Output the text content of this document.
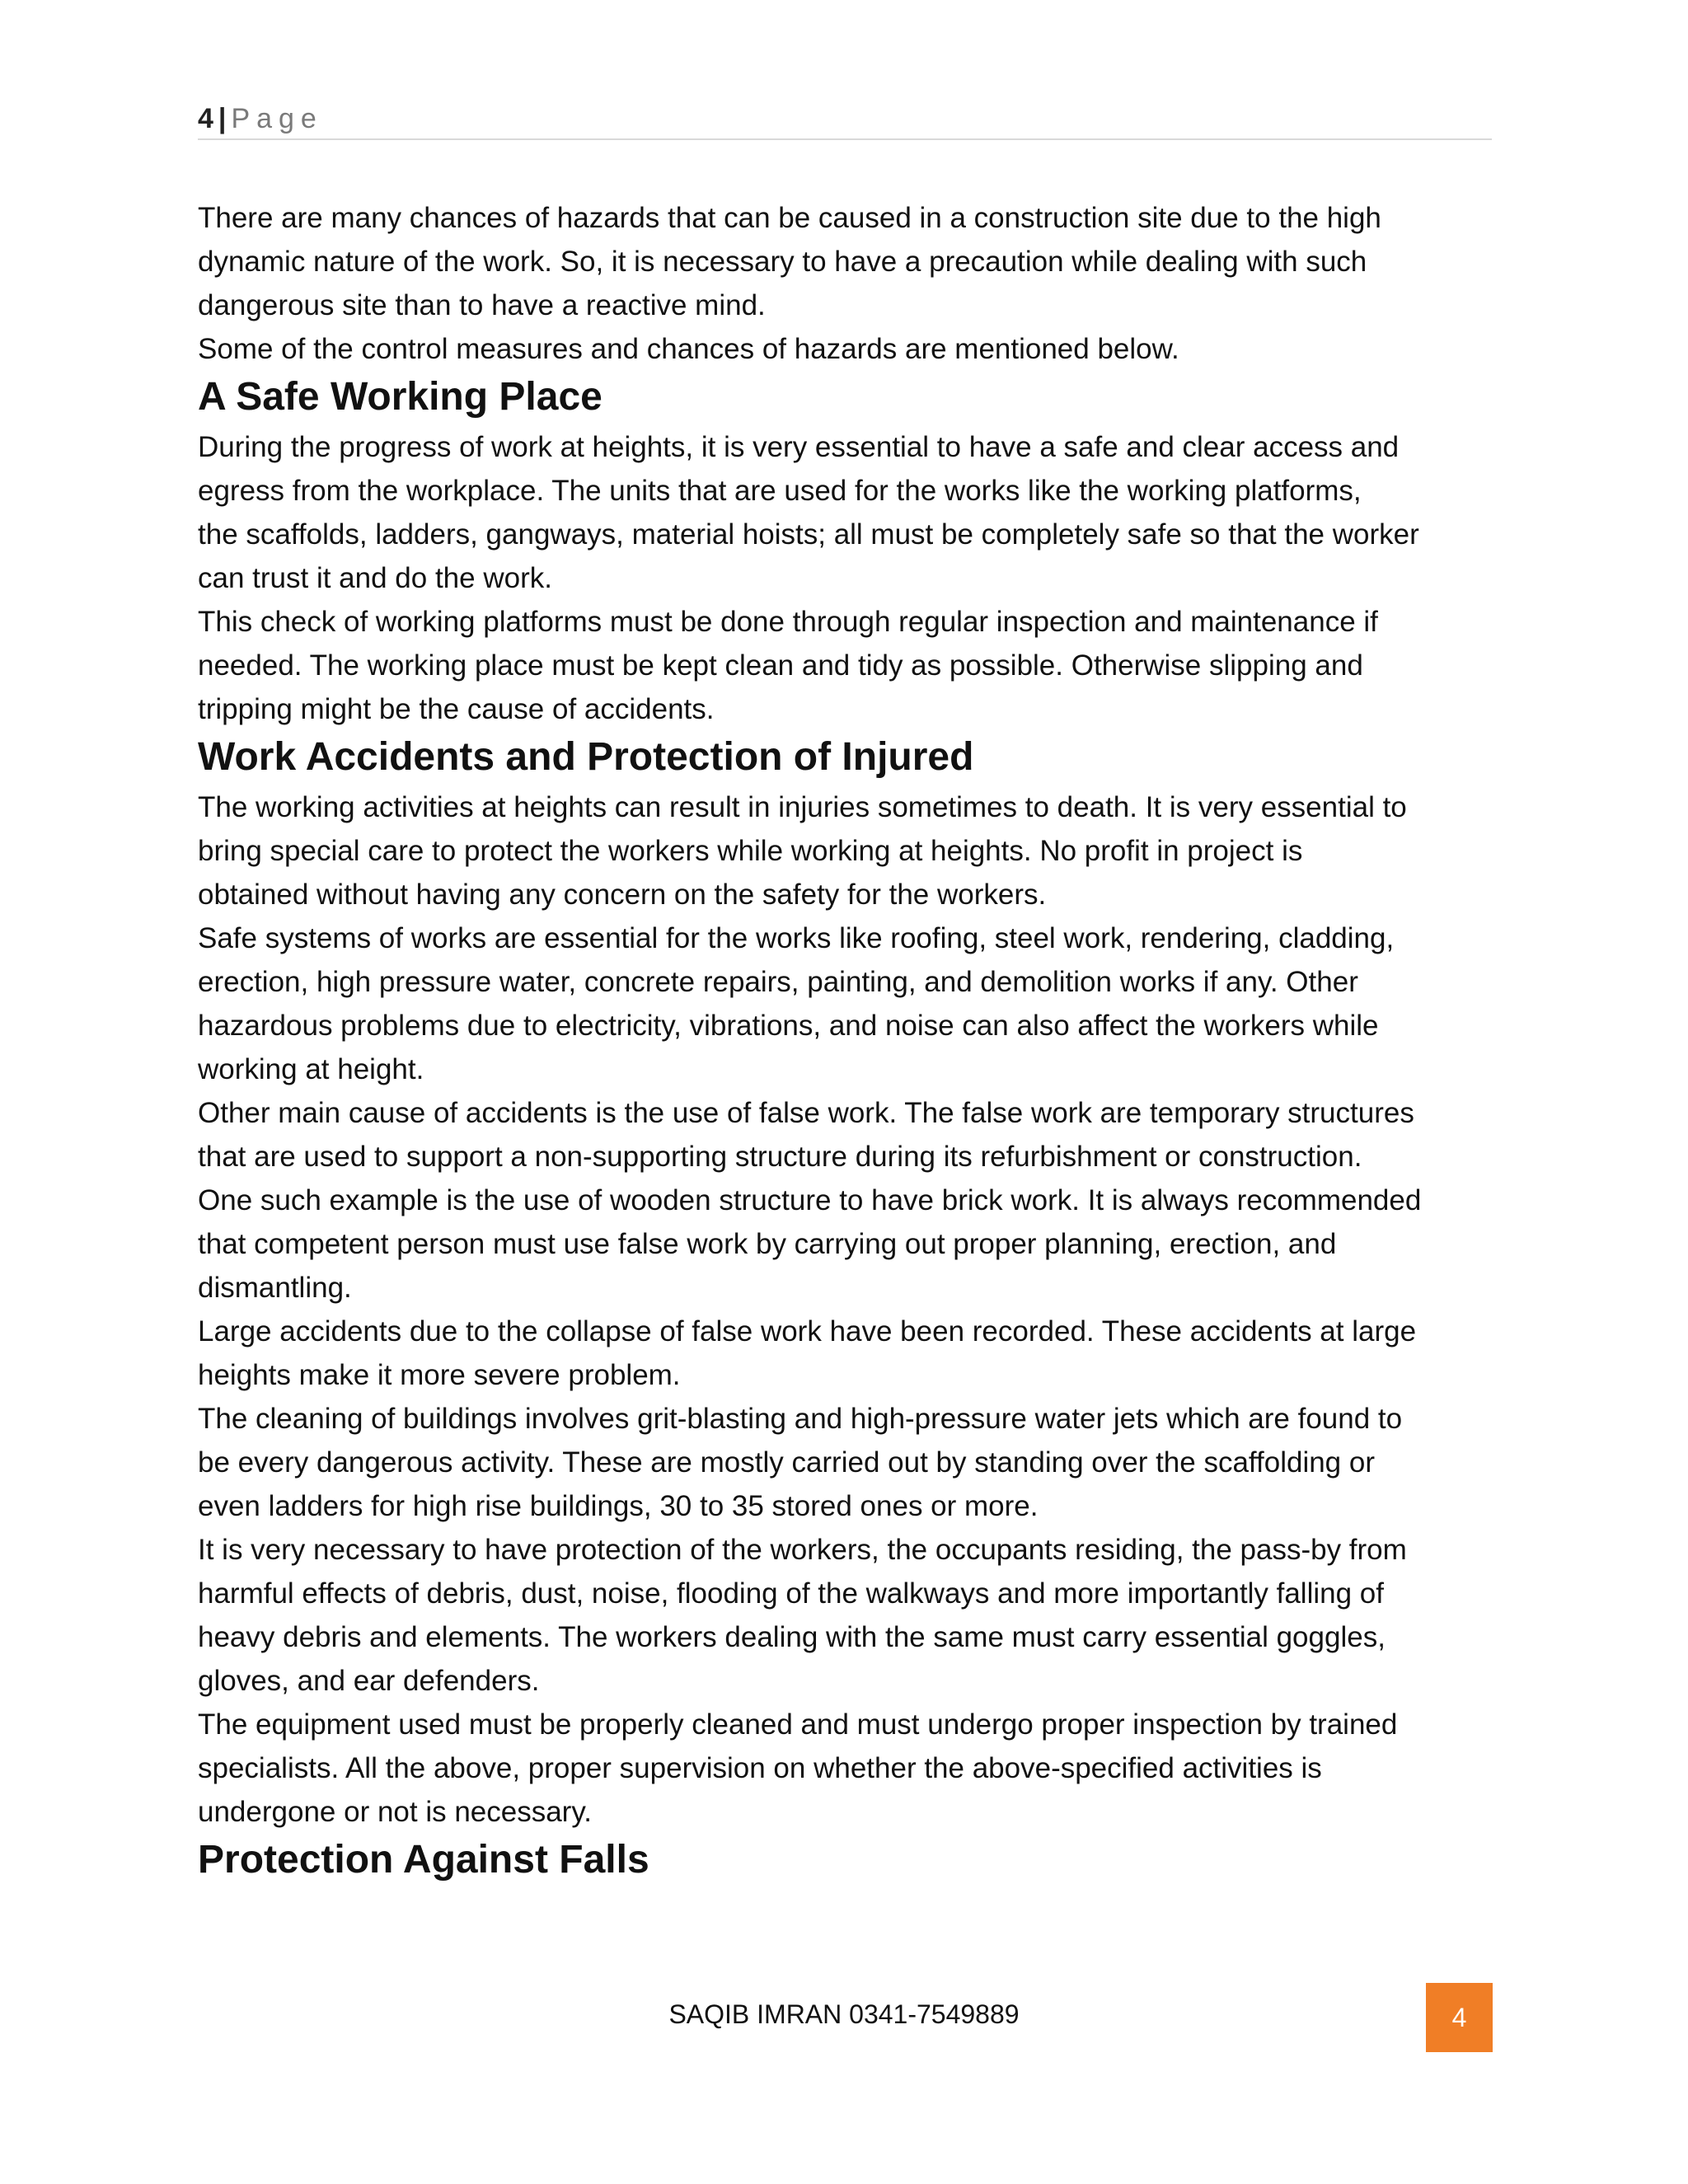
4 | Page
There are many chances of hazards that can be caused in a construction site due to the high
dynamic nature of the work. So, it is necessary to have a precaution while dealing with such
dangerous site than to have a reactive mind.
Some of the control measures and chances of hazards are mentioned below.
A Safe Working Place
During the progress of work at heights, it is very essential to have a safe and clear access and
egress from the workplace. The units that are used for the works like the working platforms,
the scaffolds, ladders, gangways, material hoists; all must be completely safe so that the worker
can trust it and do the work.
This check of working platforms must be done through regular inspection and maintenance if
needed. The working place must be kept clean and tidy as possible. Otherwise slipping and
tripping might be the cause of accidents.
Work Accidents and Protection of Injured
The working activities at heights can result in injuries sometimes to death. It is very essential to
bring special care to protect the workers while working at heights. No profit in project is
obtained without having any concern on the safety for the workers.
Safe systems of works are essential for the works like roofing, steel work, rendering, cladding,
erection, high pressure water, concrete repairs, painting, and demolition works if any. Other
hazardous problems due to electricity, vibrations, and noise can also affect the workers while
working at height.
Other main cause of accidents is the use of false work. The false work are temporary structures
that are used to support a non-supporting structure during its refurbishment or construction.
One such example is the use of wooden structure to have brick work. It is always recommended
that competent person must use false work by carrying out proper planning, erection, and
dismantling.
Large accidents due to the collapse of false work have been recorded. These accidents at large
heights make it more severe problem.
The cleaning of buildings involves grit-blasting and high-pressure water jets which are found to
be every dangerous activity. These are mostly carried out by standing over the scaffolding or
even ladders for high rise buildings, 30 to 35 stored ones or more.
It is very necessary to have protection of the workers, the occupants residing, the pass-by from
harmful effects of debris, dust, noise, flooding of the walkways and more importantly falling of
heavy debris and elements. The workers dealing with the same must carry essential goggles,
gloves, and ear defenders.
The equipment used must be properly cleaned and must undergo proper inspection by trained
specialists. All the above, proper supervision on whether the above-specified activities is
undergone or not is necessary.
Protection Against Falls
SAQIB IMRAN 0341-7549889	4
